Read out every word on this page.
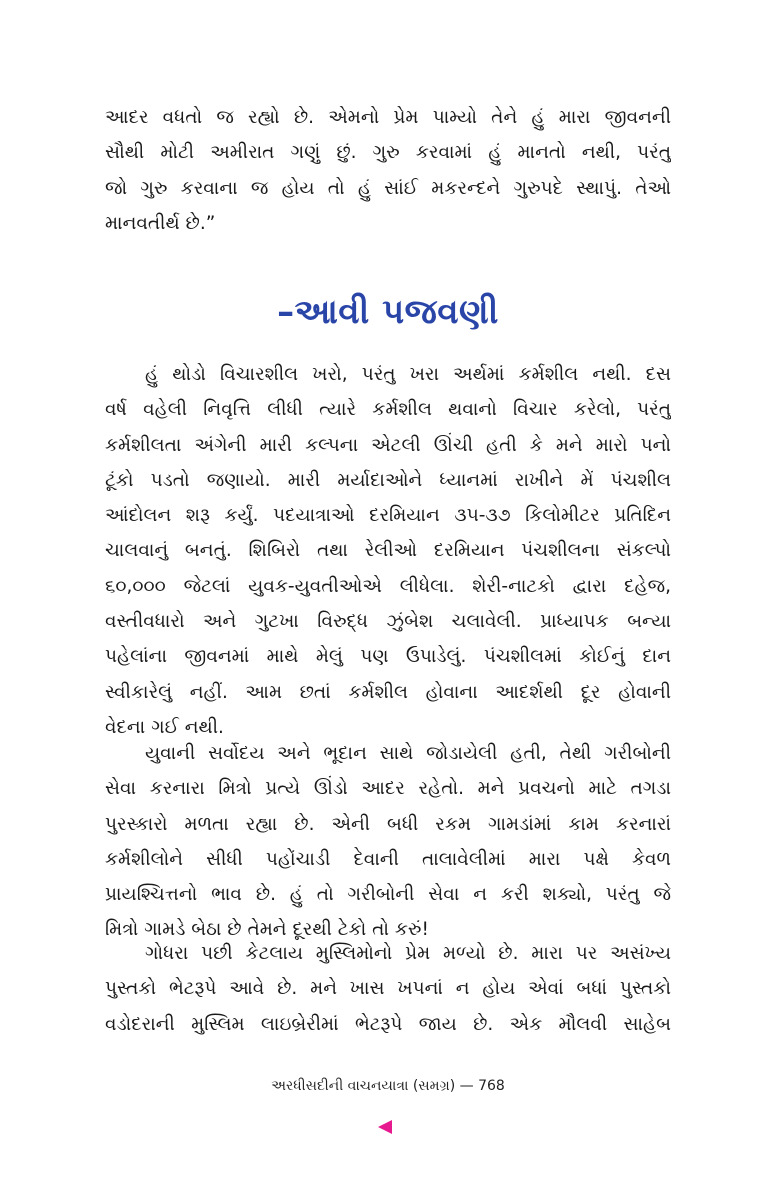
આદર વધતો જ રહ્યો છે. એમનો પ્રેમ પામ્યો તેને હું મારા જીવનની
સૌથી મોટી અમીરાત ગણું છું. ગુરુ કરવામાં હું માનતો નથી, પરંતુ
જો ગુરુ કરવાના જ હોય તો હું સાંઈ મકરન્દને ગુરુપદે સ્થાપું. તેઓ
માનવતીર્થ છે.”
–આવી પજવણી
હું થોડો વિચારશીલ ખરો, પરંતુ ખરા અર્થમાં કર્મશીલ નથી. દસ
વર્ષ વહેલી નિવૃત્તિ લીધી ત્યારે કર્મશીલ થવાનો વિચાર કરેલો, પરંતુ
કર્મશીલતા અંગેની મારી કલ્પના એટલી ઊંચી હતી કે મને મારો પનો
ટૂંકો પડતો જણાયો. મારી મર્યાદાઓને ધ્યાનમાં રાખીને મેં પંચશીલ
આંદોલન શરૂ કર્યું. પદયાત્રાઓ દરમિયાન ૩૫-૩૭ કિલોમીટર પ્રતિદિન
ચાલવાનું બનતું. શિબિરો તથા રેલીઓ દરમિયાન પંચશીલના સંકલ્પો
૬૦,૦૦૦ જેટલાં યુવક-યુવતીઓએ લીધેલા. શેરી-નાટકો દ્વારા દહેજ,
વસ્તીવધારો અને ગુટખા વિરુદ્ધ ઝુંબેશ ચલાવેલી. પ્રાધ્યાપક બન્યા
પહેલાંના જીવનમાં માથે મેલું પણ ઉપાડેલું. પંચશીલમાં કોઈનું દાન
સ્વીકારેલું નહીં. આમ છતાં કર્મશીલ હોવાના આદર્શથી દૂર હોવાની
વેદના ગઈ નથી.
યુવાની સર્વોદય અને ભૂદાન સાથે જોડાયેલી હતી, તેથી ગરીબોની
સેવા કરનારા મિત્રો પ્રત્યે ઊંડો આદર રહેતો. મને પ્રવચનો માટે તગડા
પુરસ્કારો મળતા રહ્યા છે. એની બધી રકમ ગામડાંમાં કામ કરનારાં
કર્મશીલોને સીધી પહોંચાડી દેવાની તાલાવેલીમાં મારા પક્ષે કેવળ
પ્રાયશ્ચિત્તનો ભાવ છે. હું તો ગરીબોની સેવા ન કરી શક્યો, પરંતુ જે
મિત્રો ગામડે બેઠા છે તેમને દૂરથી ટેકો તો કરું!
ગોધરા પછી કેટલાય મુસ્લિમોનો પ્રેમ મળ્યો છે. મારા પર અસંખ્ય
પુસ્તકો ભેટરૂપે આવે છે. મને ખાસ ખપનાં ન હોય એવાં બધાં પુસ્તકો
વડોદરાની મુસ્લિમ લાઇબ્રેરીમાં ભેટરૂપે જાય છે. એક મૌલવી સાહેબ
અરધીસદીની વાચનયાત્રા (સમગ્ર) — 768
